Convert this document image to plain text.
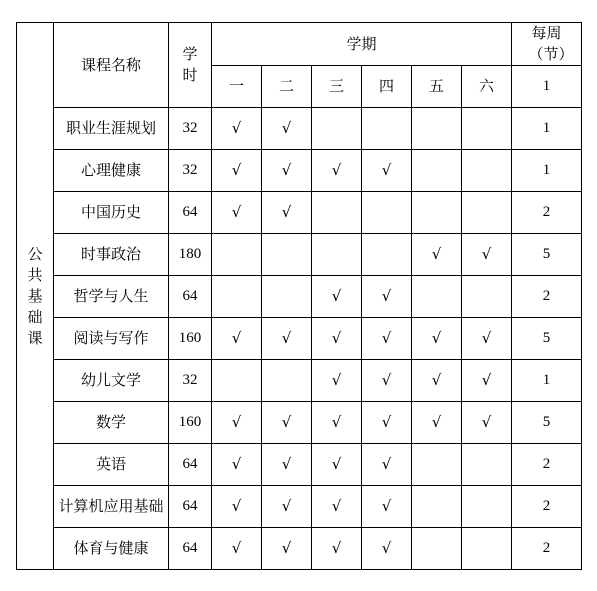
公共基础课	课程名称	学时	学期						每周（节）
			一	二	三	四	五	六	1
	职业生涯规划	32	√	√					1
	心理健康	32	√	√	√	√			1
	中国历史	64	√	√					2
	时事政治	180					√	√	5
	哲学与人生	64			√	√			2
	阅读与写作	160	√	√	√	√	√	√	5
	幼儿文学	32			√	√	√	√	1
	数学	160	√	√	√	√	√	√	5
	英语	64	√	√	√	√			2
	计算机应用基础	64	√	√	√	√			2
	体育与健康	64	√	√	√	√			2
